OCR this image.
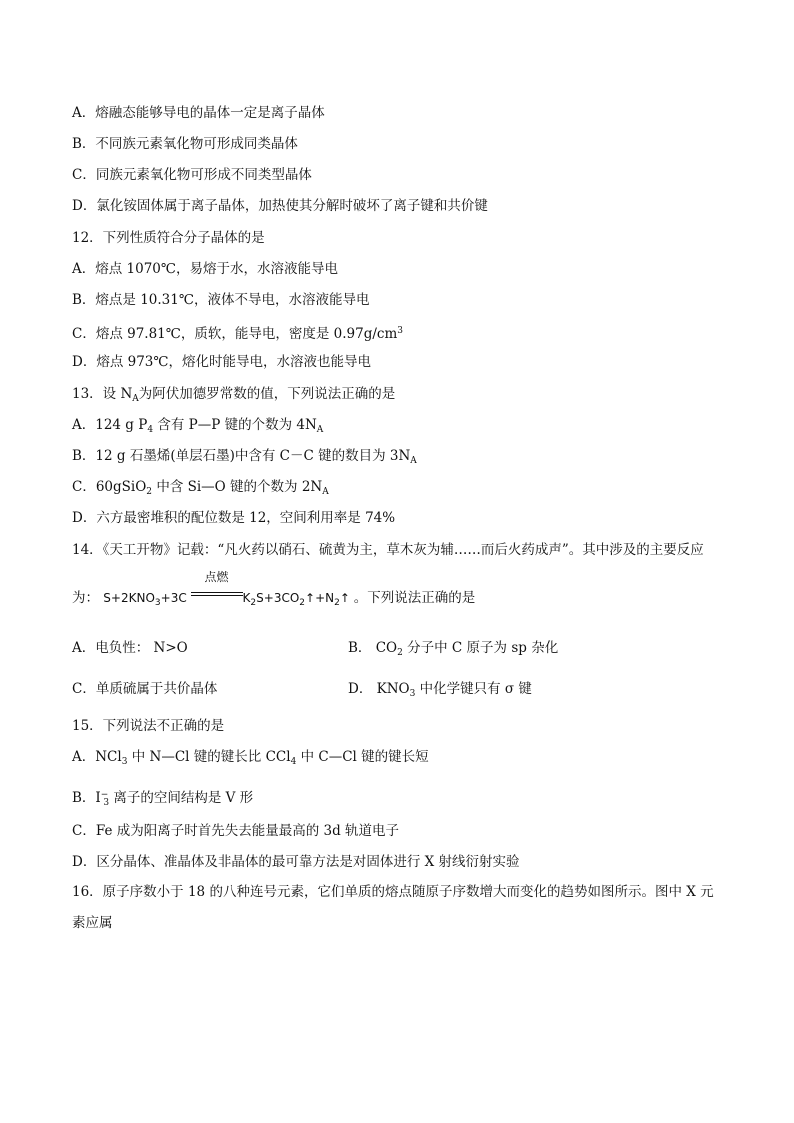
A．熔融态能够导电的晶体一定是离子晶体
B．不同族元素氧化物可形成同类晶体
C．同族元素氧化物可形成不同类型晶体
D．氯化铵固体属于离子晶体，加热使其分解时破坏了离子键和共价键
12．下列性质符合分子晶体的是
A．熔点 1070℃，易熔于水，水溶液能导电
B．熔点是 10.31℃，液体不导电，水溶液能导电
C．熔点 97.81℃，质软，能导电，密度是 $0.97g/cm^3$
D．熔点 973℃，熔化时能导电，水溶液也能导电
13．设 $N_A$为阿伏加德罗常数的值，下列说法正确的是
A．124 g $P_4$ 含有 P—P 键的个数为 $4N_A$
B．12 g 石墨烯(单层石墨)中含有 C－C 键的数目为 $3N_A$
C．60gSiO$_2$ 中含 Si—O 键的个数为 $2N_A$
D．六方最密堆积的配位数是 12，空间利用率是 74%
14．《天工开物》记载：“凡火药以硝石、硫黄为主，草木灰为辅……而后火药成声”。其中涉及的主要反应
为： $S+2KNO_3+3C$
点燃
$K_2S+3CO_2↑+N_2↑$ 。下列说法正确的是
A．电负性： N>O	B． $CO_2$ 分子中 C 原子为 sp 杂化
C．单质硫属于共价晶体	D． $KNO_3$ 中化学键只有 σ 键
15．下列说法不正确的是
A．NCl$_3$ 中 N—Cl 键的键长比 CCl$_4$ 中 C—Cl 键的键长短
B．$I^-_3$ 离子的空间结构是 V 形
C．Fe 成为阳离子时首先失去能量最高的 3d 轨道电子
D．区分晶体、准晶体及非晶体的最可靠方法是对固体进行 X 射线衍射实验
16．原子序数小于 18 的八种连号元素，它们单质的熔点随原子序数增大而变化的趋势如图所示。图中 X 元素应属
